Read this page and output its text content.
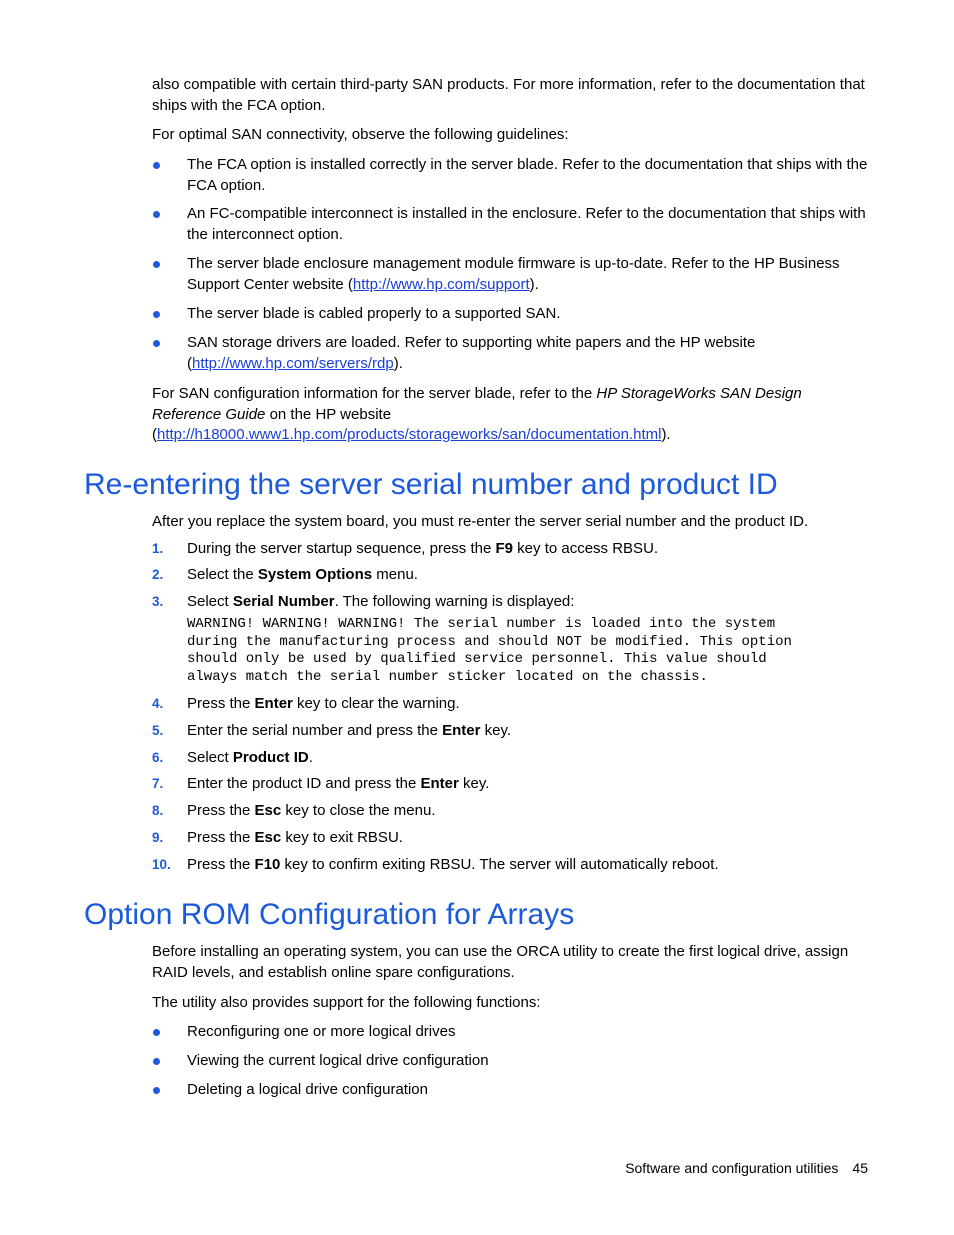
also compatible with certain third-party SAN products. For more information, refer to the documentation that ships with the FCA option.

For optimal SAN connectivity, observe the following guidelines:

The FCA option is installed correctly in the server blade. Refer to the documentation that ships with the FCA option.
An FC-compatible interconnect is installed in the enclosure. Refer to the documentation that ships with the interconnect option.
The server blade enclosure management module firmware is up-to-date. Refer to the HP Business Support Center website (http://www.hp.com/support).
The server blade is cabled properly to a supported SAN.
SAN storage drivers are loaded. Refer to supporting white papers and the HP website (http://www.hp.com/servers/rdp).

For SAN configuration information for the server blade, refer to the HP StorageWorks SAN Design Reference Guide on the HP website (http://h18000.www1.hp.com/products/storageworks/san/documentation.html).

Re-entering the server serial number and product ID

After you replace the system board, you must re-enter the server serial number and the product ID.

1. During the server startup sequence, press the F9 key to access RBSU.
2. Select the System Options menu.
3. Select Serial Number. The following warning is displayed:
WARNING! WARNING! WARNING! The serial number is loaded into the system
during the manufacturing process and should NOT be modified. This option
should only be used by qualified service personnel. This value should
always match the serial number sticker located on the chassis.
4. Press the Enter key to clear the warning.
5. Enter the serial number and press the Enter key.
6. Select Product ID.
7. Enter the product ID and press the Enter key.
8. Press the Esc key to close the menu.
9. Press the Esc key to exit RBSU.
10. Press the F10 key to confirm exiting RBSU. The server will automatically reboot.
Option ROM Configuration for Arrays

Before installing an operating system, you can use the ORCA utility to create the first logical drive, assign RAID levels, and establish online spare configurations.

The utility also provides support for the following functions:

Reconfiguring one or more logical drives
Viewing the current logical drive configuration
Deleting a logical drive configuration
Software and configuration utilities 45
